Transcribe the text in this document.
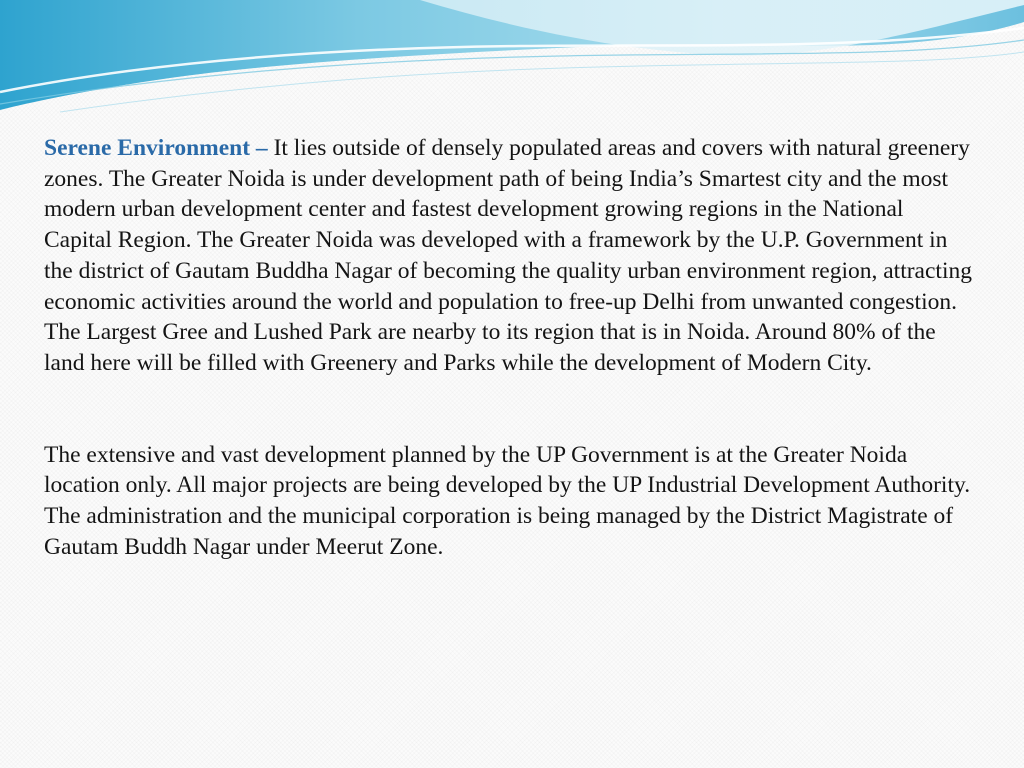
Serene Environment – It lies outside of densely populated areas and covers with natural greenery zones. The Greater Noida is under development path of being India’s Smartest city and the most modern urban development center and fastest development growing regions in the National Capital Region. The Greater Noida was developed with a framework by the U.P. Government in the district of Gautam Buddha Nagar of becoming the quality urban environment region, attracting economic activities around the world and population to free-up Delhi from unwanted congestion. The Largest Gree and Lushed Park are nearby to its region that is in Noida. Around 80% of the land here will be filled with Greenery and Parks while the development of Modern City.

The extensive and vast development planned by the UP Government is at the Greater Noida location only. All major projects are being developed by the UP Industrial Development Authority. The administration and the municipal corporation is being managed by the District Magistrate of Gautam Buddh Nagar under Meerut Zone.
